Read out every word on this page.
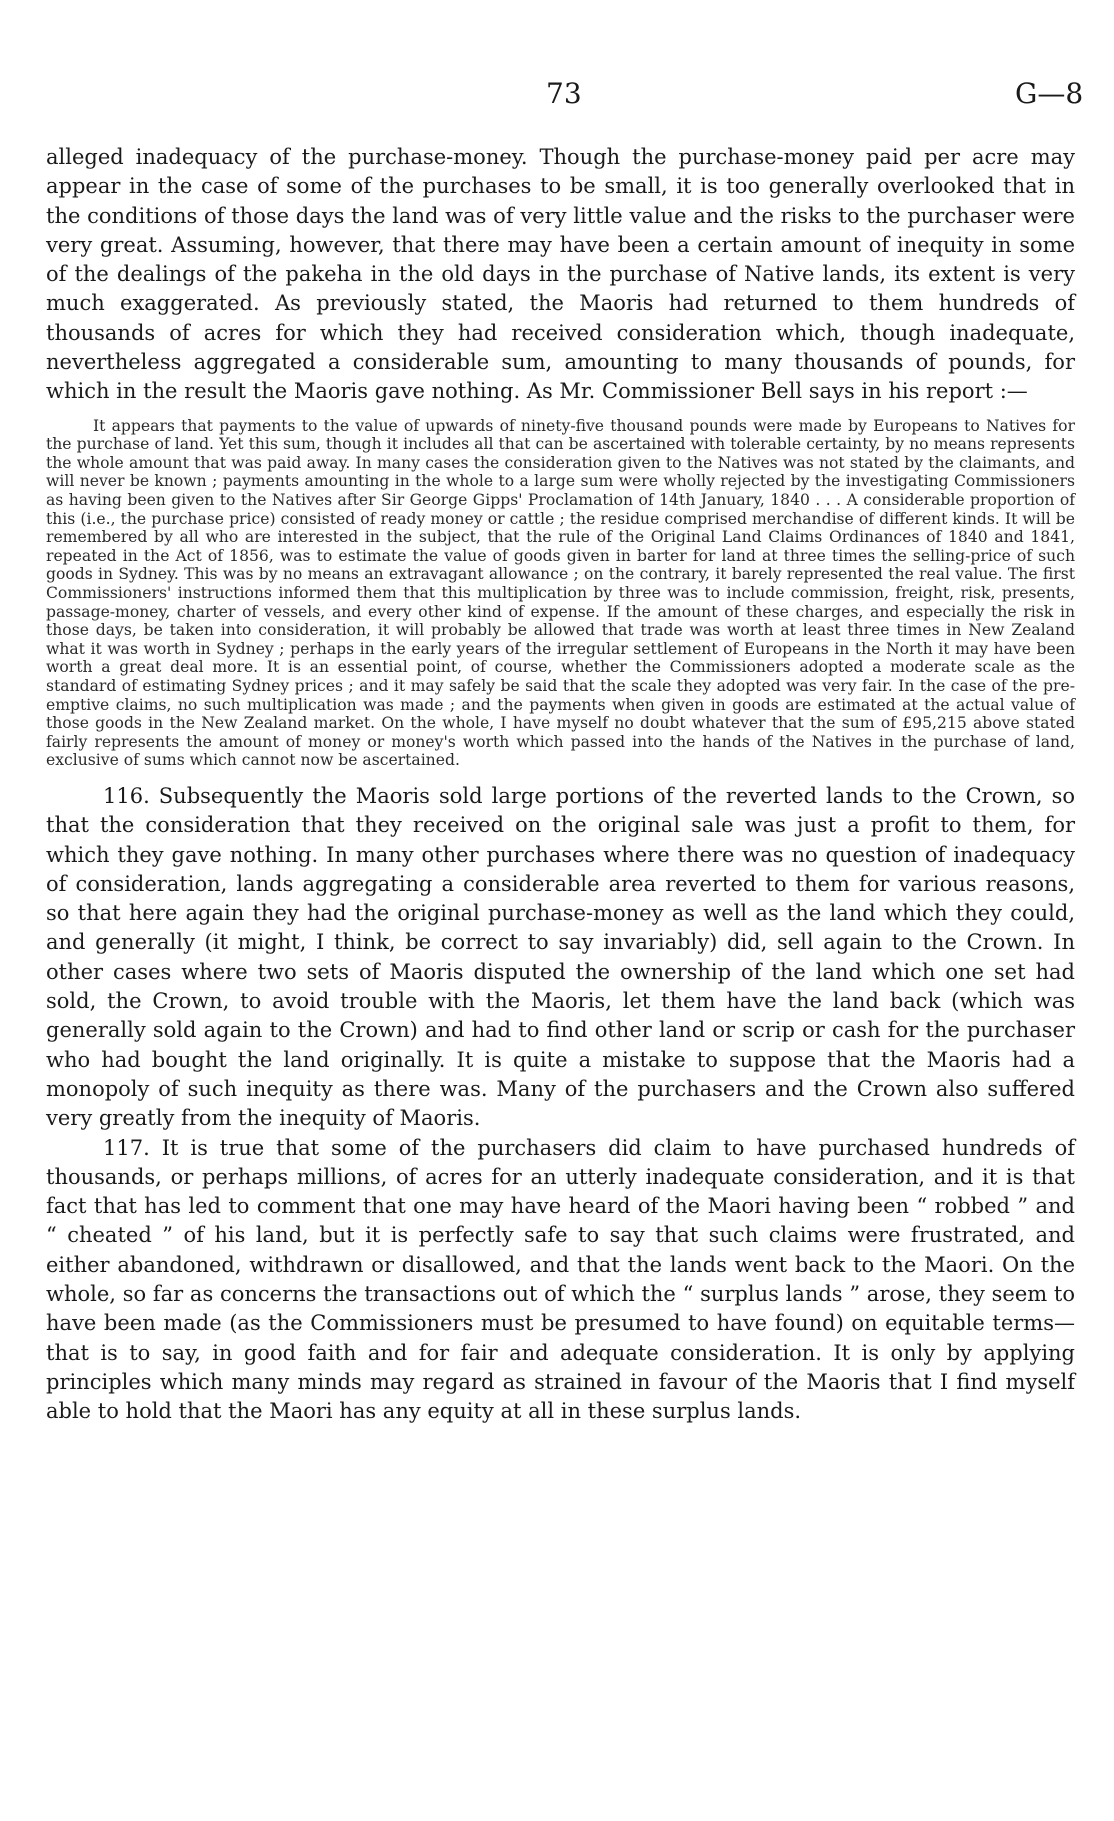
73	G—8

alleged inadequacy of the purchase-money. Though the purchase-money paid per acre may appear in the case of some of the purchases to be small, it is too generally overlooked that in the conditions of those days the land was of very little value and the risks to the purchaser were very great. Assuming, however, that there may have been a certain amount of inequity in some of the dealings of the pakeha in the old days in the purchase of Native lands, its extent is very much exaggerated. As previously stated, the Maoris had returned to them hundreds of thousands of acres for which they had received consideration which, though inadequate, nevertheless aggregated a considerable sum, amounting to many thousands of pounds, for which in the result the Maoris gave nothing. As Mr. Commissioner Bell says in his report :—

It appears that payments to the value of upwards of ninety-five thousand pounds were made by Europeans to Natives for the purchase of land. Yet this sum, though it includes all that can be ascertained with tolerable certainty, by no means represents the whole amount that was paid away. In many cases the consideration given to the Natives was not stated by the claimants, and will never be known ; payments amounting in the whole to a large sum were wholly rejected by the investigating Commissioners as having been given to the Natives after Sir George Gipps' Proclamation of 14th January, 1840 . . . A considerable proportion of this (i.e., the purchase price) consisted of ready money or cattle ; the residue comprised merchandise of different kinds. It will be remembered by all who are interested in the subject, that the rule of the Original Land Claims Ordinances of 1840 and 1841, repeated in the Act of 1856, was to estimate the value of goods given in barter for land at three times the selling-price of such goods in Sydney. This was by no means an extravagant allowance ; on the contrary, it barely represented the real value. The first Commissioners' instructions informed them that this multiplication by three was to include commission, freight, risk, presents, passage-money, charter of vessels, and every other kind of expense. If the amount of these charges, and especially the risk in those days, be taken into consideration, it will probably be allowed that trade was worth at least three times in New Zealand what it was worth in Sydney ; perhaps in the early years of the irregular settlement of Europeans in the North it may have been worth a great deal more. It is an essential point, of course, whether the Commissioners adopted a moderate scale as the standard of estimating Sydney prices ; and it may safely be said that the scale they adopted was very fair. In the case of the pre-emptive claims, no such multiplication was made ; and the payments when given in goods are estimated at the actual value of those goods in the New Zealand market. On the whole, I have myself no doubt whatever that the sum of £95,215 above stated fairly represents the amount of money or money's worth which passed into the hands of the Natives in the purchase of land, exclusive of sums which cannot now be ascertained.

116. Subsequently the Maoris sold large portions of the reverted lands to the Crown, so that the consideration that they received on the original sale was just a profit to them, for which they gave nothing. In many other purchases where there was no question of inadequacy of consideration, lands aggregating a considerable area reverted to them for various reasons, so that here again they had the original purchase-money as well as the land which they could, and generally (it might, I think, be correct to say invariably) did, sell again to the Crown. In other cases where two sets of Maoris disputed the ownership of the land which one set had sold, the Crown, to avoid trouble with the Maoris, let them have the land back (which was generally sold again to the Crown) and had to find other land or scrip or cash for the purchaser who had bought the land originally. It is quite a mistake to suppose that the Maoris had a monopoly of such inequity as there was. Many of the purchasers and the Crown also suffered very greatly from the inequity of Maoris.

117. It is true that some of the purchasers did claim to have purchased hundreds of thousands, or perhaps millions, of acres for an utterly inadequate consideration, and it is that fact that has led to comment that one may have heard of the Maori having been “ robbed ” and “ cheated ” of his land, but it is perfectly safe to say that such claims were frustrated, and either abandoned, withdrawn or disallowed, and that the lands went back to the Maori. On the whole, so far as concerns the transactions out of which the “ surplus lands ” arose, they seem to have been made (as the Commissioners must be presumed to have found) on equitable terms—that is to say, in good faith and for fair and adequate consideration. It is only by applying principles which many minds may regard as strained in favour of the Maoris that I find myself able to hold that the Maori has any equity at all in these surplus lands.
